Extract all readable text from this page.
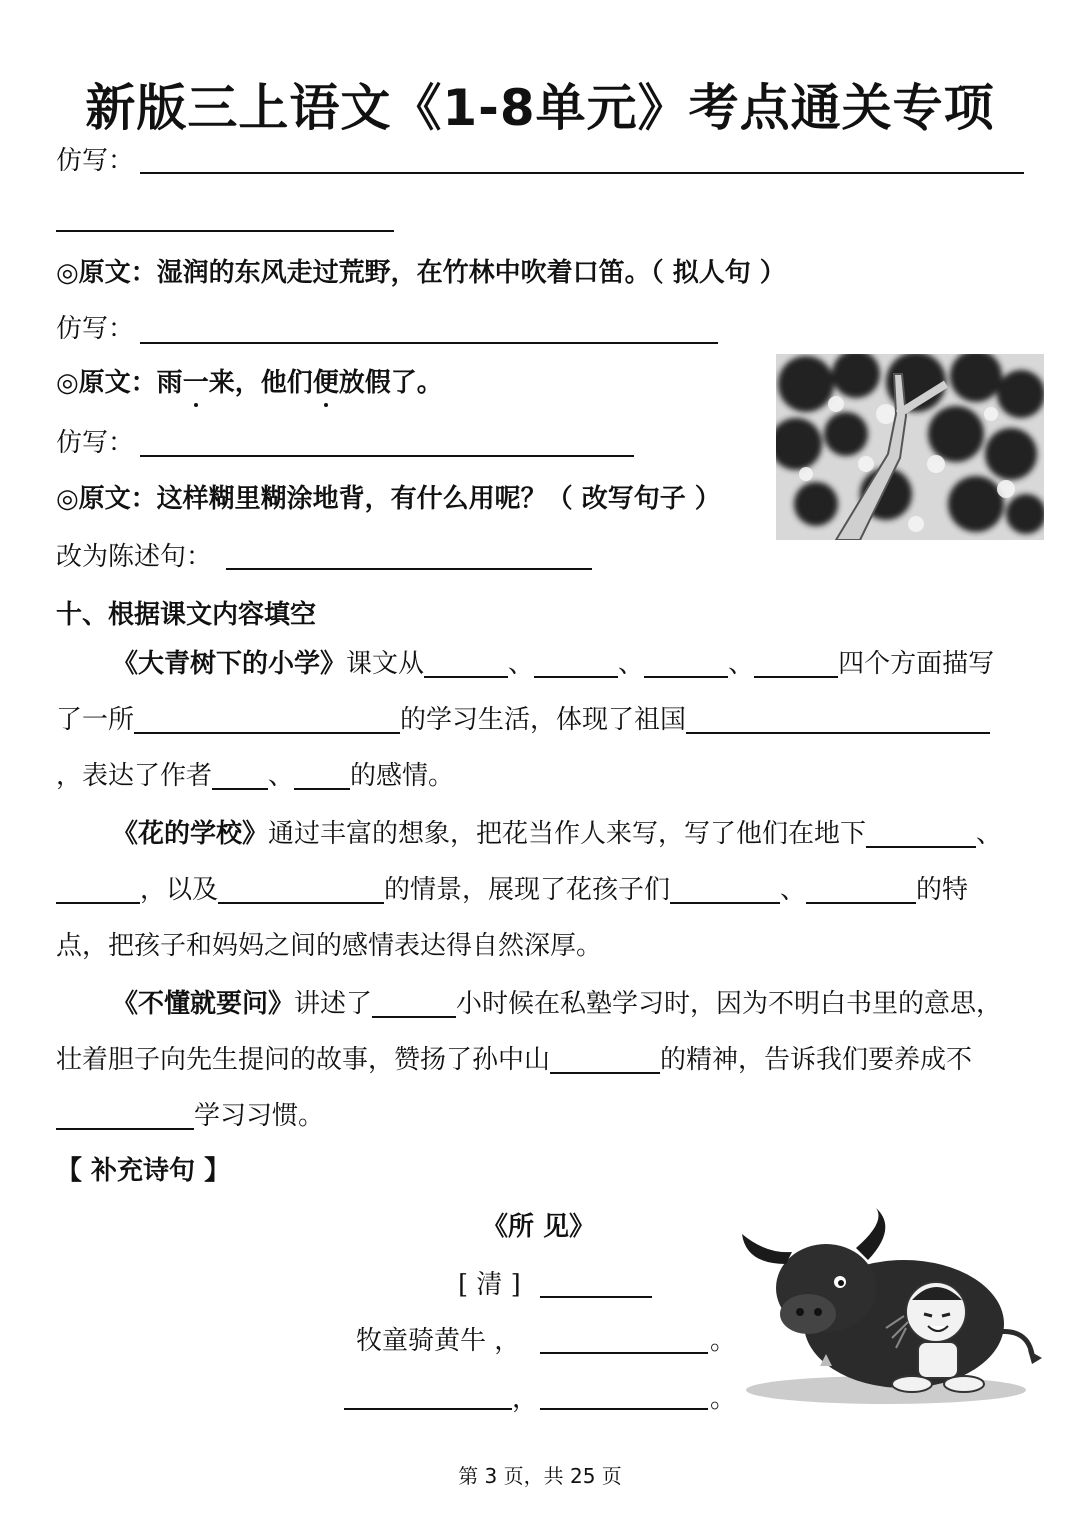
新版三上语文《1-8单元》考点通关专项
仿写：
◎原文：湿润的东风走过荒野，在竹林中吹着口笛。（ 拟人句 ）
仿写：
◎原文：雨一来，他们便放假了。
仿写：
◎原文：这样糊里糊涂地背，有什么用呢？（ 改写句子 ）
改为陈述句：
十、根据课文内容填空
《大青树下的小学》课文从	、	、	、	四个方面描写了一所	的学习生活，体现了祖国，表达了作者 、 的感情。
《花的学校》通过丰富的想象，把花当作人来写，写了他们在地下	、，以及	的情景，展现了花孩子们	、	的特点，把孩子和妈妈之间的感情表达得自然深厚。
《不懂就要问》讲述了	小时候在私塾学习时，因为不明白书里的意思，壮着胆子向先生提问的故事，赞扬了孙中山	的精神，告诉我们要养成不学习习惯。
【 补充诗句 】
《所 见》
[ 清 ]
牧童骑黄牛 ，	。
，	。
第 3 页，共 25 页
